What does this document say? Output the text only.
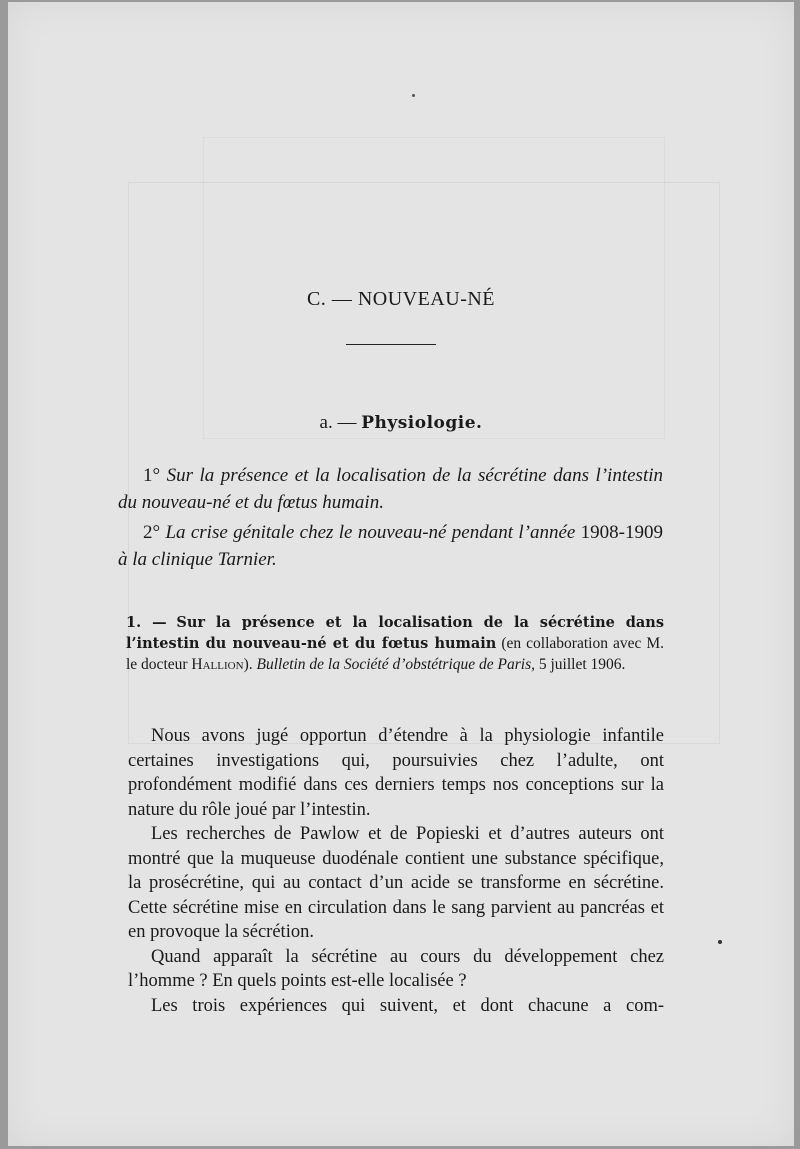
C. — NOUVEAU-NÉ
a. — Physiologie.

1° Sur la présence et la localisation de la sécrétine dans l’intestin du nouveau-né et du fœtus humain.

2° La crise génitale chez le nouveau-né pendant l’année 1908-1909 à la clinique Tarnier.

1. — Sur la présence et la localisation de la sécrétine dans l’intestin du nouveau-né et du fœtus humain (en collaboration avec M. le docteur Hallion). Bulletin de la Société d’obstétrique de Paris, 5 juillet 1906.

Nous avons jugé opportun d’étendre à la physiologie infantile certaines investigations qui, poursuivies chez l’adulte, ont profondément modifié dans ces derniers temps nos conceptions sur la nature du rôle joué par l’intestin.

Les recherches de Pawlow et de Popieski et d’autres auteurs ont montré que la muqueuse duodénale contient une substance spécifique, la prosécrétine, qui au contact d’un acide se transforme en sécrétine. Cette sécrétine mise en circulation dans le sang parvient au pancréas et en provoque la sécrétion.

Quand apparaît la sécrétine au cours du développement chez l’homme ? En quels points est-elle localisée ?

Les trois expériences qui suivent, et dont chacune a com-
